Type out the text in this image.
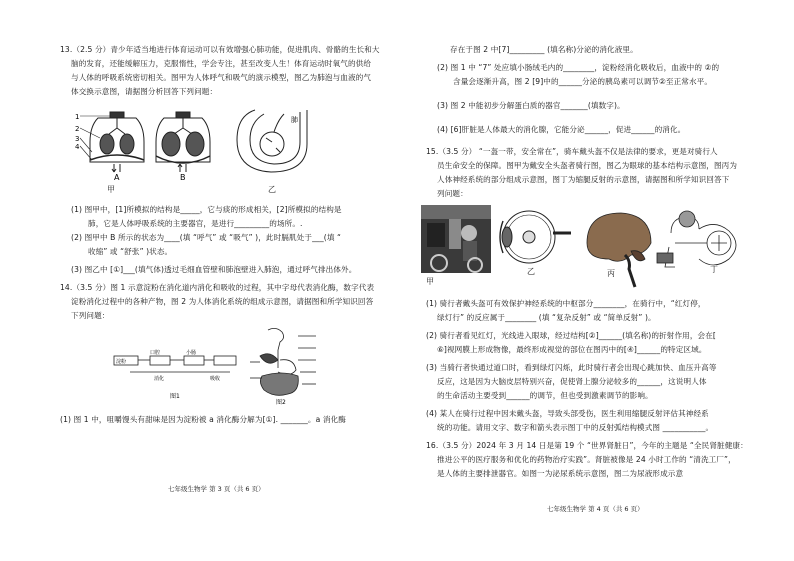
13.（2.5 分）青少年适当地进行体育运动可以有效增强心肺功能，促进肌肉、骨骼的生长和大
脑的发育，还能缓解压力，克服惰性，学会专注，甚至改变人生！体育运动时氧气的供给
与人体的呼吸系统密切相关。图甲为人体呼气和吸气的演示模型，图乙为肺泡与血液的气
体交换示意图，请据图分析回答下列问题：
1
2
3
4
A	B
肺
甲	乙
(1) 图甲中，[1]所模拟的结构是_____，它与痰的形成相关，[2]所模拟的结构是
肺，它是人体呼吸系统的主要器官，是进行_________的场所。.
(2) 图甲中 B 所示的状态为____(填 “呼气” 或 “吸气” )，此时膈肌处于___(填 “
收缩” 或 “舒张” )状态。
(3) 图乙中 [①]___(填气体)透过毛细血管壁和肺泡壁进入肺泡，通过呼气排出体外。
14.（3.5 分）图 1 示意淀粉在消化道内消化和吸收的过程，其中字母代表消化酶，数字代表
淀粉消化过程中的各种产物，图 2 为人体消化系统的组成示意图，请据图和所学知识回答
下列问题：
淀粉
口腔	小肠
消化	吸收
图1
图2
(1) 图 1 中，咀嚼馒头有甜味是因为淀粉被 a 消化酶分解为[①]. _______。a 消化酶
七年级生物学 第 3 页（共 6 页）
存在于图 2 中[7]_________ (填名称)分泌的消化液里。
(2) 图 1 中 “7” 处应填小肠绒毛内的________，淀粉经消化吸收后，血液中的 ②的
含量会逐渐升高，图 2 [9]中的______分泌的胰岛素可以调节②至正常水平。
(3) 图 2 中能初步分解蛋白质的器官_______(填数字)。
(4) [6]肝脏是人体最大的消化腺，它能分泌______，促进______的消化。
15.（3.5 分） “一盔一带，安全常在”，骑车戴头盔不仅是法律的要求，更是对骑行人
员生命安全的保障。图甲为戴安全头盔者骑行图，图乙为眼球的基本结构示意图，图丙为
人体神经系统的部分组成示意图，图丁为缩腿反射的示意图，请据图和所学知识回答下
列问题：
甲
乙	丙	丁
(1) 骑行者戴头盔可有效保护神经系统的中枢部分________，在骑行中，“红灯停，
绿灯行” 的反应属于________ (填 “复杂反射” 或 “简单反射” )。
(2) 骑行者看见红灯，光线进入眼球，经过结构[②]______(填名称)的折射作用，会在[
⑥]视网膜上形成物像，最终形成视觉的部位在图丙中的[④]______的特定区域。
(3) 当骑行者快通过道口时，看到绿灯闪烁，此时骑行者会出现心跳加快、血压升高等
反应，这是因为大脑皮层特别兴奋，促使肾上腺分泌较多的______，这说明人体
的生命活动主要受到______的调节，但也受到激素调节的影响。
(4) 某人在骑行过程中因未戴头盔，导致头部受伤，医生利用缩腿反射评估其神经系
统的功能。请用文字、数字和箭头表示图丁中的反射弧结构模式图 ___________。
16.（3.5 分）2024 年 3 月 14 日是第 19 个 “世界肾脏日”，今年的主题是 “全民肾脏健康：
推进公平的医疗服务和优化的药物治疗实践”。肾脏被像是 24 小时工作的 “清洗工厂”，
是人体的主要排泄器官。如图一为泌尿系统示意图，图二为尿液形成示意
七年级生物学 第 4 页（共 6 页）
